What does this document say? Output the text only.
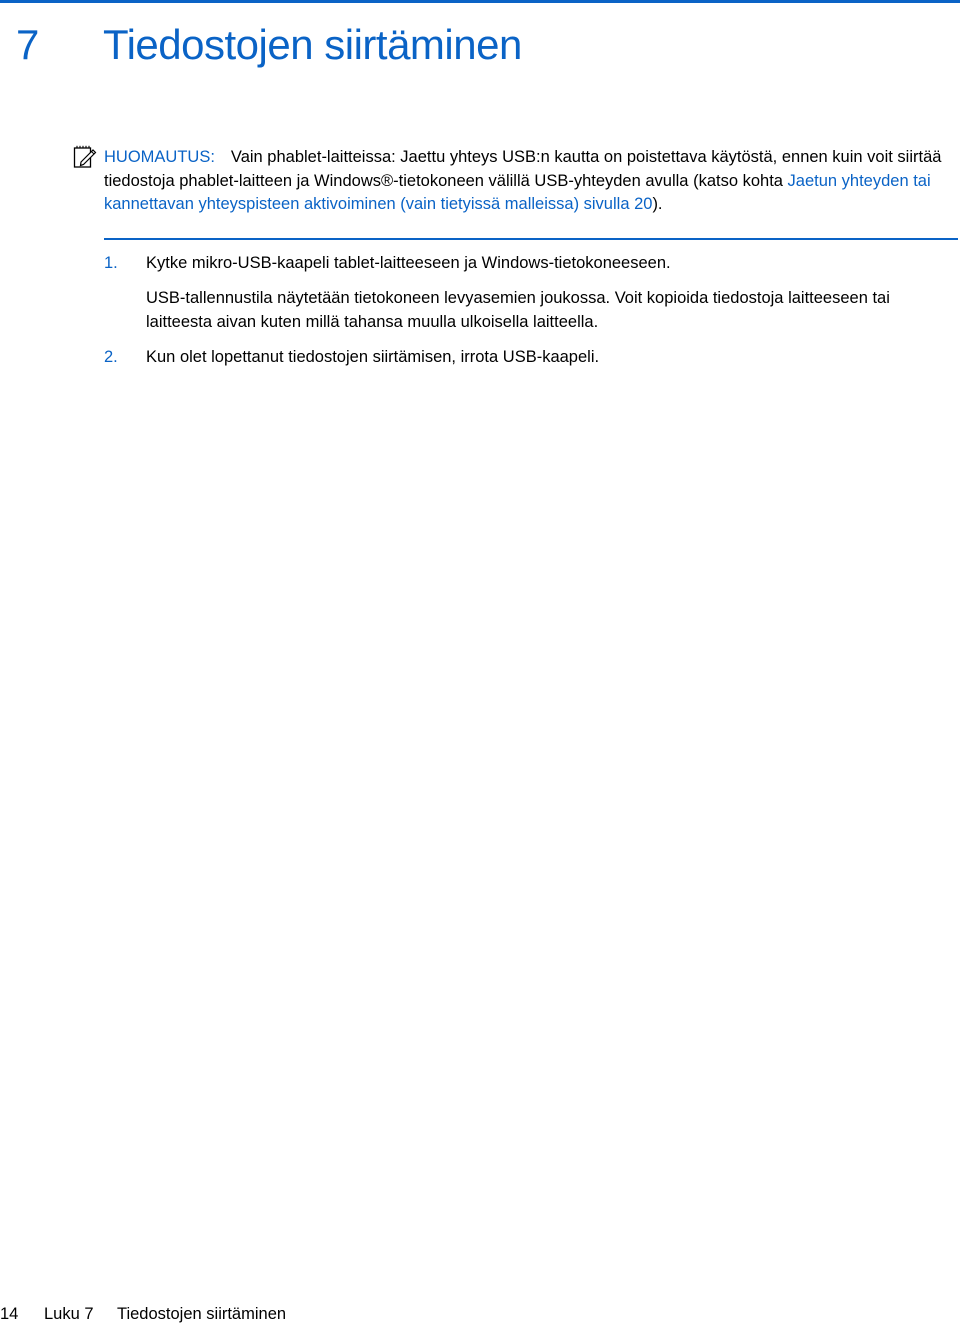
7 Tiedostojen siirtäminen
HUOMAUTUS: Vain phablet-laitteissa: Jaettu yhteys USB:n kautta on poistettava käytöstä, ennen kuin voit siirtää tiedostoja phablet-laitteen ja Windows®-tietokoneen välillä USB-yhteyden avulla (katso kohta Jaetun yhteyden tai kannettavan yhteyspisteen aktivoiminen (vain tietyissä malleissa) sivulla 20).
1. Kytke mikro-USB-kaapeli tablet-laitteeseen ja Windows-tietokoneeseen.
USB-tallennustila näytetään tietokoneen levyasemien joukossa. Voit kopioida tiedostoja laitteeseen tai laitteesta aivan kuten millä tahansa muulla ulkoisella laitteella.
2. Kun olet lopettanut tiedostojen siirtämisen, irrota USB-kaapeli.
14 Luku 7 Tiedostojen siirtäminen
